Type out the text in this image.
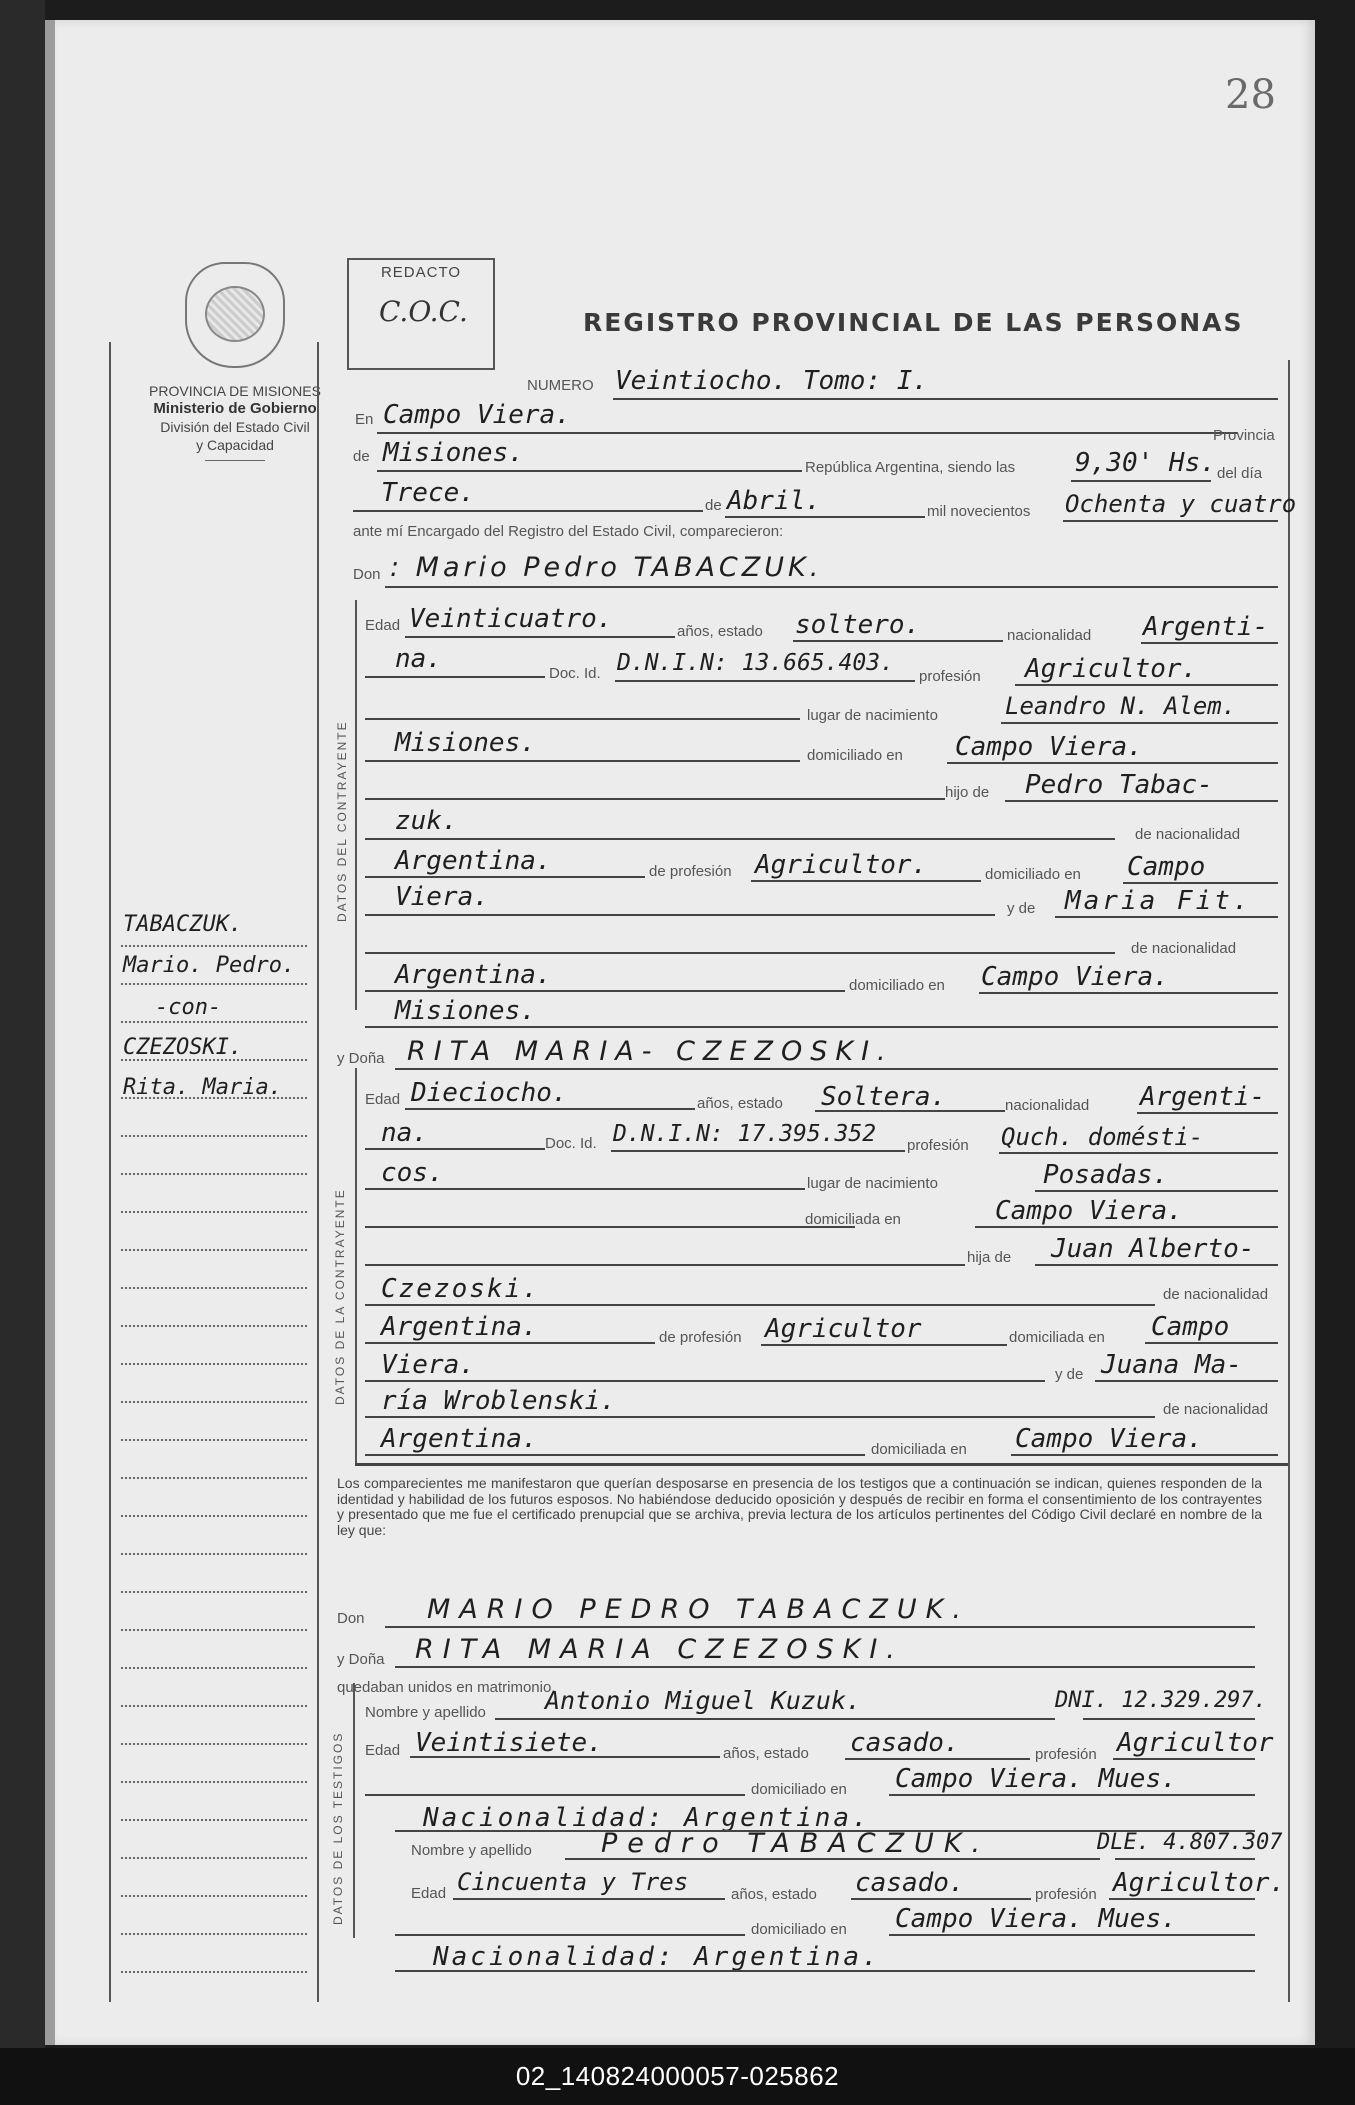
28
PROVINCIA DE MISIONES
Ministerio de Gobierno
División del Estado Civil
y Capacidad
REDACTO
C.O.C.	REGISTRO PROVINCIAL DE LAS PERSONAS
DATOS DEL CONTRAYENTE
DATOS DE LA CONTRAYENTE
DATOS DE LOS TESTIGOS
TABACZUK.
Mario. Pedro.
-con-
CZEZOSKI.
Rita. Maria.
NUMERO Veintiocho. Tomo: I.
En Campo Viera.
Provincia
de Misiones.	República Argentina, siendo las 9,30' Hs. del día
Trece.	de Abril.	mil novecientos Ochenta y cuatro
ante mí Encargado del Registro del Estado Civil, comparecieron:
Don : Mario Pedro TABACZUK.
Edad Veinticuatro.	años, estado soltero.	nacionalidad Argenti-
na.	Doc. Id. D.N.I.N: 13.665.403.
profesión Agricultor.
lugar de nacimiento	Leandro N. Alem.
Misiones.	domiciliado en Campo Viera.
hijo de Pedro Tabac-
zuk.	de nacionalidad
Argentina.	de profesión Agricultor.	domiciliado en Campo
Viera.	y de Maria Fit.
de nacionalidad
Argentina.	domiciliado en Campo Viera.
Misiones.
y Doña RITA MARIA- CZEZOSKI.
Edad Dieciocho.	años, estado Soltera.	nacionalidad Argenti-
na.	Doc. Id. D.N.I.N: 17.395.352 profesión Quch. domésti-
cos.	lugar de nacimiento	Posadas.
domiciliada en	Campo Viera.
hija de Juan Alberto-
Czezoski.	de nacionalidad
Argentina.	de profesión Agricultor	domiciliada en Campo
Viera.	y de Juana Ma-
ría Wroblenski.	de nacionalidad
Argentina.	domiciliada en Campo Viera.
Los comparecientes me manifestaron que querían desposarse en presencia de los testigos que a continuación se indican, quienes responden de la identidad y habilidad de los futuros esposos. No habiéndose deducido oposición y después de recibir en forma el consentimiento de los contrayentes y presentado que me fue el certificado prenupcial que se archiva, previa lectura de los artículos pertinentes del Código Civil declaré en nombre de la ley que:
Don MARIO PEDRO TABACZUK.
y Doña RITA MARIA CZEZOSKI.
quedaban unidos en matrimonio.
Nombre y apellido Antonio Miguel Kuzuk.	DNI. 12.329.297.
Edad Veintisiete.	años, estado casado.	profesión Agricultor
domiciliado en Campo Viera. Mues.
Nacionalidad: Argentina.
Nombre y apellido	Pedro TABACZUK.	DLE. 4.807.307
Edad Cincuenta y Tres	años, estado casado.	profesión Agricultor.
domiciliado en Campo Viera. Mues.
Nacionalidad: Argentina.
02_140824000057-025862
